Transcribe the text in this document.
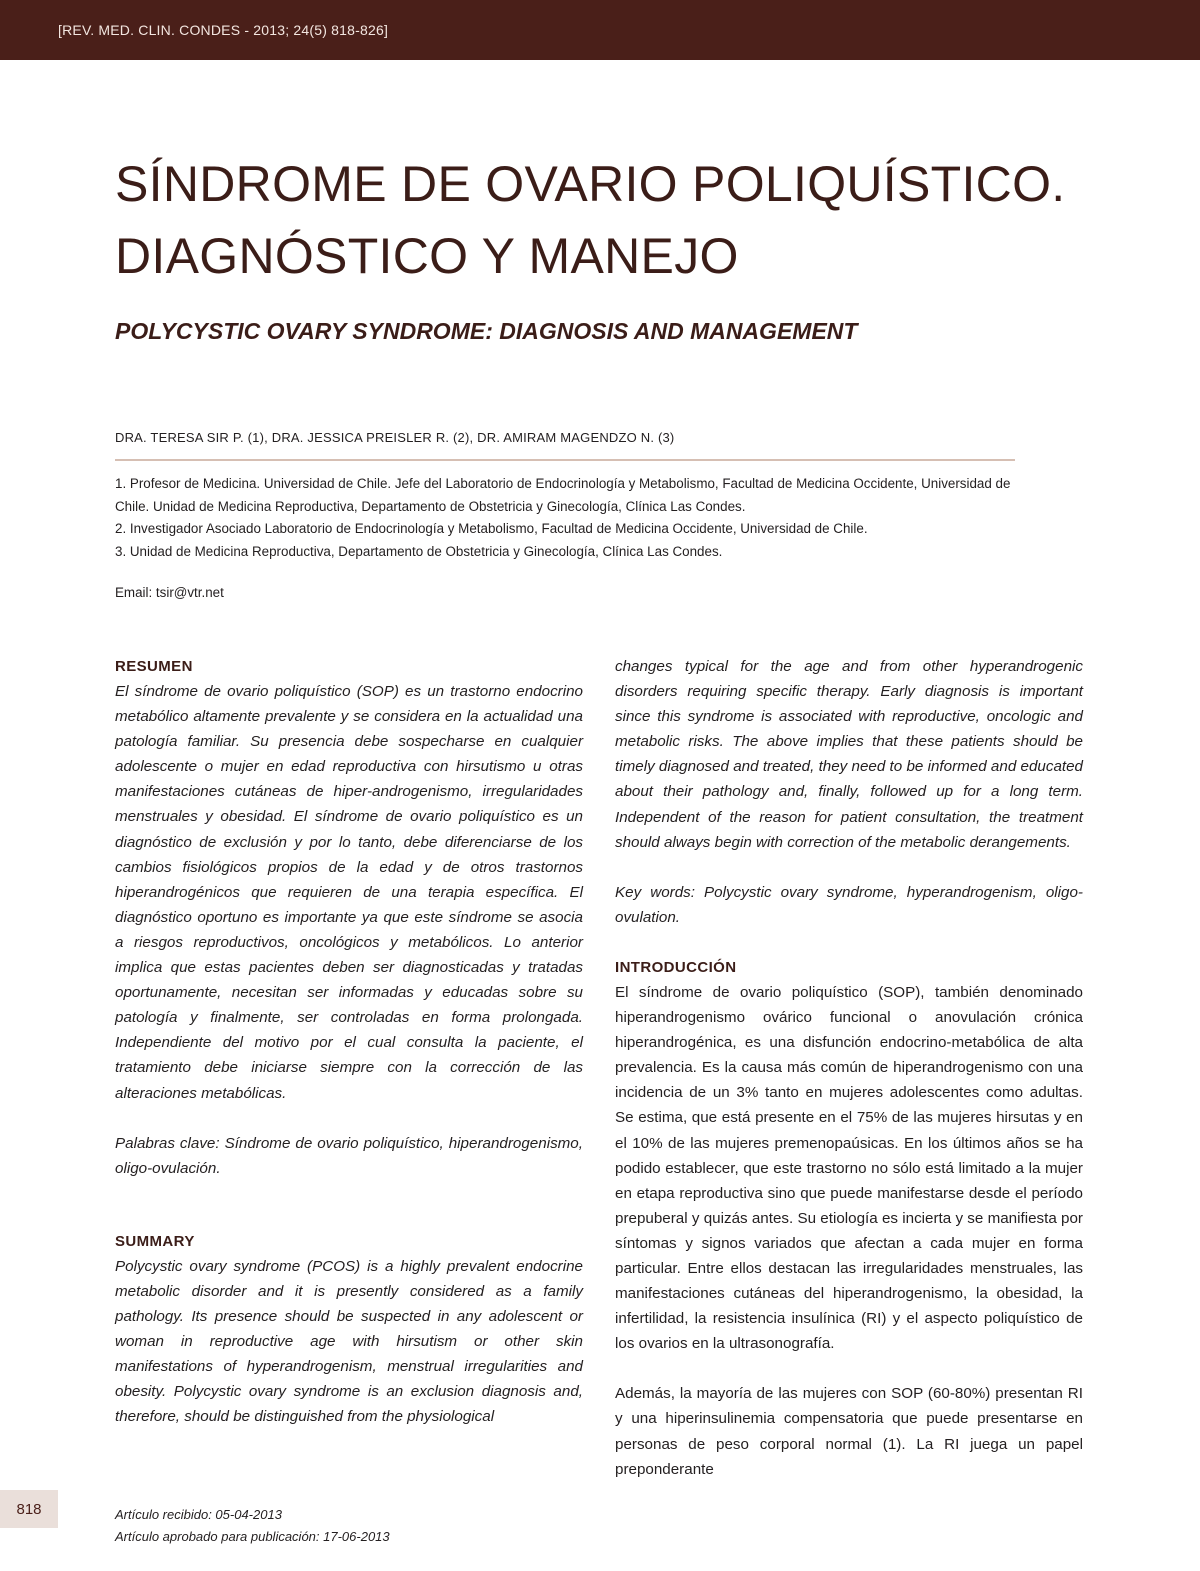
[REV. MED. CLIN. CONDES - 2013; 24(5) 818-826]
SÍNDROME DE OVARIO POLIQUÍSTICO.
DIAGNÓSTICO Y MANEJO
POLYCYSTIC OVARY SYNDROME: DIAGNOSIS AND MANAGEMENT
DRA. TERESA SIR P. (1), DRA. JESSICA PREISLER R. (2), DR. AMIRAM MAGENDZO N. (3)

1. Profesor de Medicina. Universidad de Chile. Jefe del Laboratorio de Endocrinología y Metabolismo, Facultad de Medicina Occidente, Universidad de Chile. Unidad de Medicina Reproductiva, Departamento de Obstetricia y Ginecología, Clínica Las Condes.

2. Investigador Asociado Laboratorio de Endocrinología y Metabolismo, Facultad de Medicina Occidente, Universidad de Chile.

3. Unidad de Medicina Reproductiva, Departamento de Obstetricia y Ginecología, Clínica Las Condes.

Email: tsir@vtr.net
RESUMEN

El síndrome de ovario poliquístico (SOP) es un trastorno endocrino metabólico altamente prevalente y se considera en la actualidad una patología familiar. Su presencia debe sospecharse en cualquier adolescente o mujer en edad reproductiva con hirsutismo u otras manifestaciones cutáneas de hiper-androgenismo, irregularidades menstruales y obesidad. El síndrome de ovario poliquístico es un diagnóstico de exclusión y por lo tanto, debe diferenciarse de los cambios fisiológicos propios de la edad y de otros trastornos hiperandrogénicos que requieren de una terapia específica. El diagnóstico oportuno es importante ya que este síndrome se asocia a riesgos reproductivos, oncológicos y metabólicos. Lo anterior implica que estas pacientes deben ser diagnosticadas y tratadas oportunamente, necesitan ser informadas y educadas sobre su patología y finalmente, ser controladas en forma prolongada. Independiente del motivo por el cual consulta la paciente, el tratamiento debe iniciarse siempre con la corrección de las alteraciones metabólicas.

Palabras clave: Síndrome de ovario poliquístico, hiperandrogenismo, oligo-ovulación.

SUMMARY

Polycystic ovary syndrome (PCOS) is a highly prevalent endocrine metabolic disorder and it is presently considered as a family pathology. Its presence should be suspected in any adolescent or woman in reproductive age with hirsutism or other skin manifestations of hyperandrogenism, menstrual irregularities and obesity. Polycystic ovary syndrome is an exclusion diagnosis and, therefore, should be distinguished from the physiological

changes typical for the age and from other hyperandrogenic disorders requiring specific therapy. Early diagnosis is important since this syndrome is associated with reproductive, oncologic and metabolic risks. The above implies that these patients should be timely diagnosed and treated, they need to be informed and educated about their pathology and, finally, followed up for a long term. Independent of the reason for patient consultation, the treatment should always begin with correction of the metabolic derangements.

Key words: Polycystic ovary syndrome, hyperandrogenism, oligo-ovulation.

INTRODUCCIÓN

El síndrome de ovario poliquístico (SOP), también denominado hiperandrogenismo ovárico funcional o anovulación crónica hiperandrogénica, es una disfunción endocrino-metabólica de alta prevalencia. Es la causa más común de hiperandrogenismo con una incidencia de un 3% tanto en mujeres adolescentes como adultas. Se estima, que está presente en el 75% de las mujeres hirsutas y en el 10% de las mujeres premenopaúsicas. En los últimos años se ha podido establecer, que este trastorno no sólo está limitado a la mujer en etapa reproductiva sino que puede manifestarse desde el período prepuberal y quizás antes. Su etiología es incierta y se manifiesta por síntomas y signos variados que afectan a cada mujer en forma particular. Entre ellos destacan las irregularidades menstruales, las manifestaciones cutáneas del hiperandrogenismo, la obesidad, la infertilidad, la resistencia insulínica (RI) y el aspecto poliquístico de los ovarios en la ultrasonografía.

Además, la mayoría de las mujeres con SOP (60-80%) presentan RI y una hiperinsulinemia compensatoria que puede presentarse en personas de peso corporal normal (1). La RI juega un papel preponderante

818	Artículo recibido: 05-04-2013

Artículo aprobado para publicación: 17-06-2013
